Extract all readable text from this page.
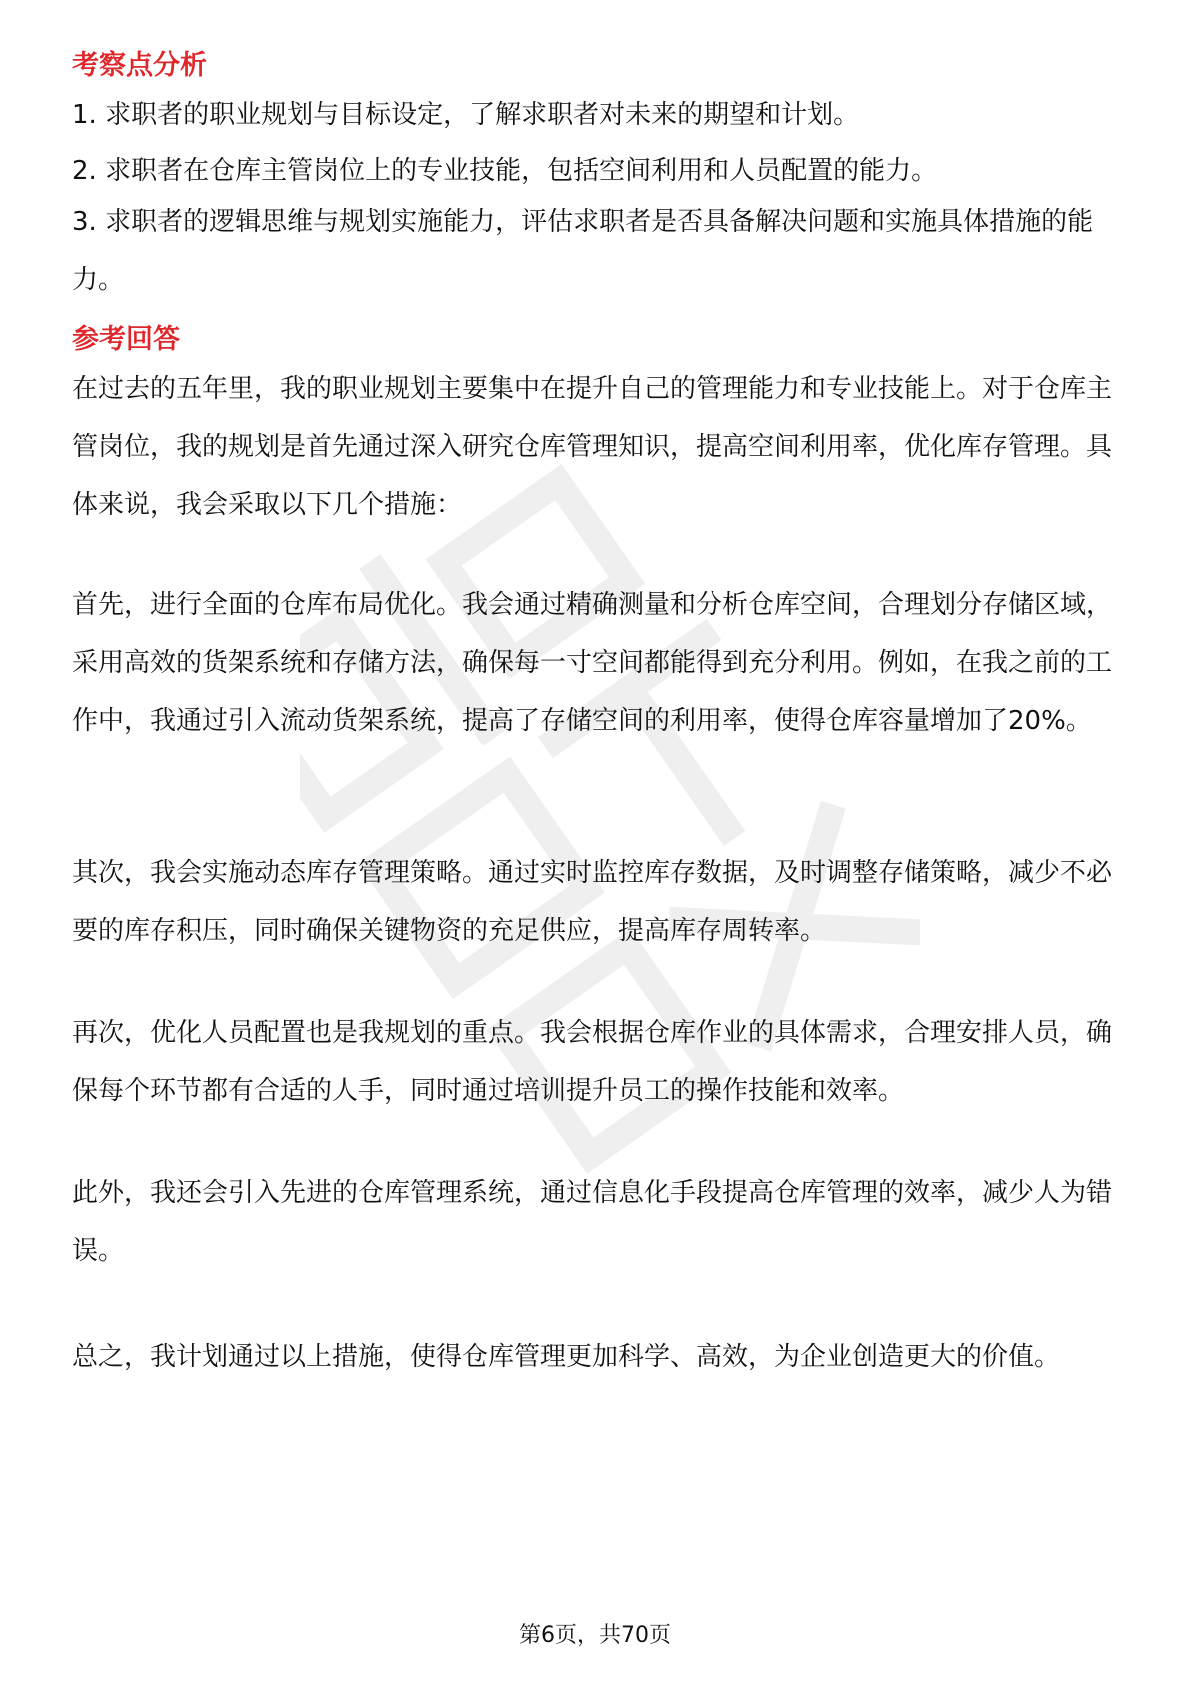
考察点分析

1. 求职者的职业规划与目标设定，了解求职者对未来的期望和计划。

2. 求职者在仓库主管岗位上的专业技能，包括空间利用和人员配置的能力。

3. 求职者的逻辑思维与规划实施能力，评估求职者是否具备解决问题和实施具体措施的能力。

参考回答

在过去的五年里，我的职业规划主要集中在提升自己的管理能力和专业技能上。对于仓库主管岗位，我的规划是首先通过深入研究仓库管理知识，提高空间利用率，优化库存管理。具体来说，我会采取以下几个措施：

首先，进行全面的仓库布局优化。我会通过精确测量和分析仓库空间，合理划分存储区域，采用高效的货架系统和存储方法，确保每一寸空间都能得到充分利用。例如，在我之前的工作中，我通过引入流动货架系统，提高了存储空间的利用率，使得仓库容量增加了20%。

其次，我会实施动态库存管理策略。通过实时监控库存数据，及时调整存储策略，减少不必要的库存积压，同时确保关键物资的充足供应，提高库存周转率。

再次，优化人员配置也是我规划的重点。我会根据仓库作业的具体需求，合理安排人员，确保每个环节都有合适的人手，同时通过培训提升员工的操作技能和效率。

此外，我还会引入先进的仓库管理系统，通过信息化手段提高仓库管理的效率，减少人为错误。

总之，我计划通过以上措施，使得仓库管理更加科学、高效，为企业创造更大的价值。

第6页，共70页
